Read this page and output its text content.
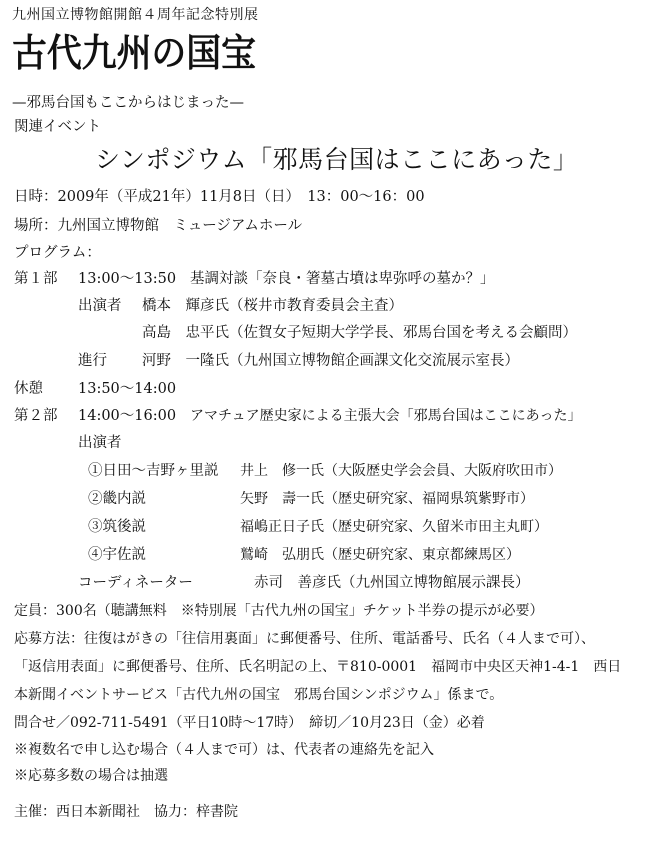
九州国立博物館開館４周年記念特別展
古代九州の国宝
—邪馬台国もここからはじまった—
関連イベント
シンポジウム「邪馬台国はここにあった」
日時：2009年（平成21年）11月8日（日）　13：00〜16：00
場所：九州国立博物館　ミュージアムホール
プログラム：
第１部 13:00〜13:50 基調対談「奈良・箸墓古墳は卑弥呼の墓か？」
出演者 橋本　輝彦氏（桜井市教育委員会主査）
高島　忠平氏（佐賀女子短期大学学長、邪馬台国を考える会顧問）
進行 河野　一隆氏（九州国立博物館企画課文化交流展示室長）
休憩 13:50〜14:00
第２部 14:00〜16:00 アマチュア歴史家による主張大会「邪馬台国はここにあった」
出演者
①日田〜吉野ヶ里説 井上　修一氏（大阪歴史学会会員、大阪府吹田市）
②畿内説	矢野　壽一氏（歴史研究家、福岡県筑紫野市）
③筑後説	福嶋正日子氏（歴史研究家、久留米市田主丸町）
④宇佐説	鷲崎　弘朋氏（歴史研究家、東京都練馬区）
コーディネーター	赤司　善彦氏（九州国立博物館展示課長）
定員：300名（聴講無料　※特別展「古代九州の国宝」チケット半券の提示が必要）
応募方法：往復はがきの「往信用裏面」に郵便番号、住所、電話番号、氏名（４人まで可）、
「返信用表面」に郵便番号、住所、氏名明記の上、〒810-0001　福岡市中央区天神1-4-1　西日
本新聞イベントサービス「古代九州の国宝　邪馬台国シンポジウム」係まで。
問合せ／092-711-5491（平日10時〜17時）　締切／10月23日（金）必着
※複数名で申し込む場合（４人まで可）は、代表者の連絡先を記入
※応募多数の場合は抽選
主催：西日本新聞社　協力：梓書院
